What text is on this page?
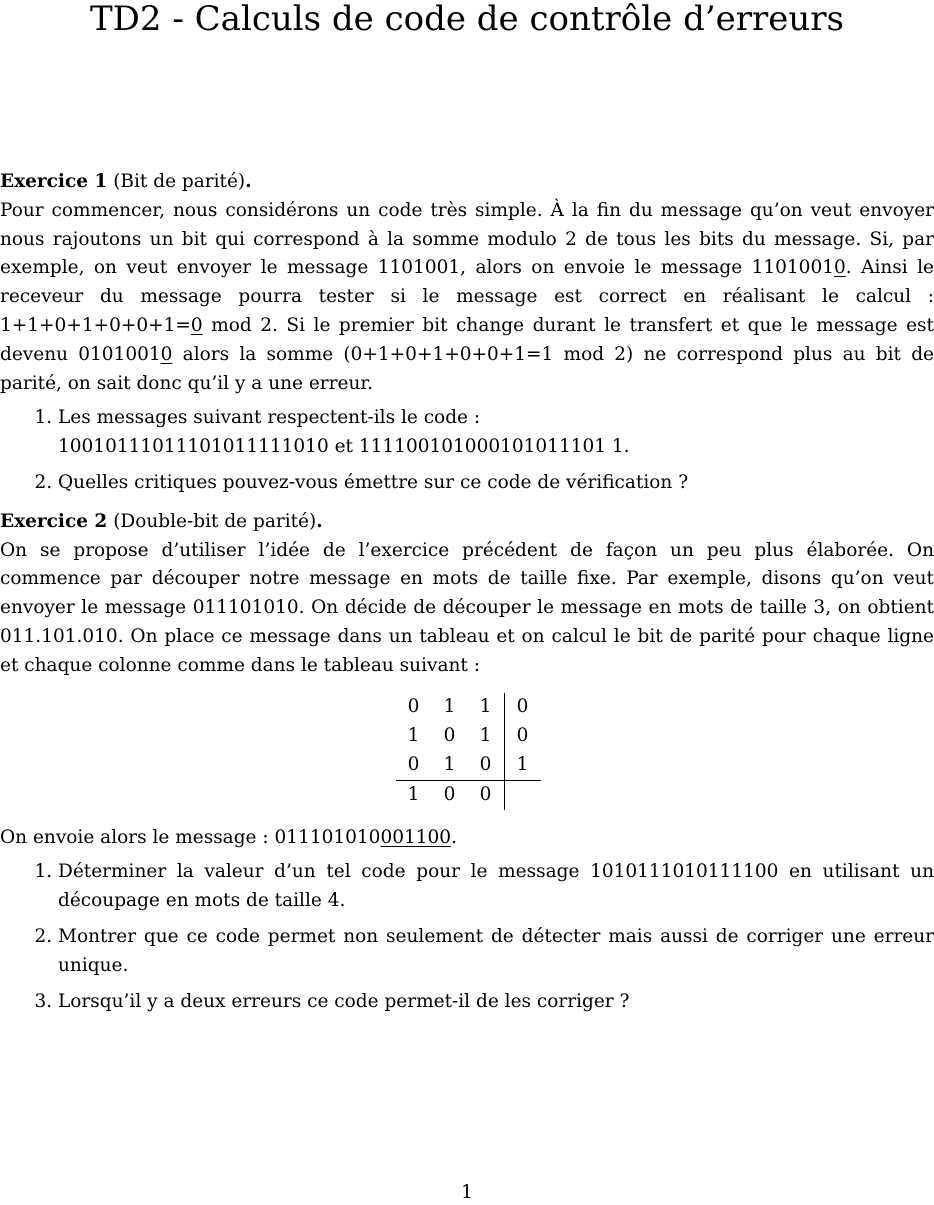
TD2 - Calculs de code de contrôle d’erreurs
Exercice 1 (Bit de parité).

Pour commencer, nous considérons un code très simple. À la fin du message qu’on veut envoyer nous rajoutons un bit qui correspond à la somme modulo 2 de tous les bits du message. Si, par exemple, on veut envoyer le message 1101001, alors on envoie le message 11010010. Ainsi le receveur du message pourra tester si le message est correct en réalisant le calcul : 1+1+0+1+0+0+1=0 mod 2. Si le premier bit change durant le transfert et que le message est devenu 01010010 alors la somme (0+1+0+1+0+0+1=1 mod 2) ne correspond plus au bit de parité, on sait donc qu’il y a une erreur.

1. Les messages suivant respectent-ils le code :
10010111011101011111010 et 111100101000101011101 1.
2. Quelles critiques pouvez-vous émettre sur ce code de vérification ?
Exercice 2 (Double-bit de parité).

On se propose d’utiliser l’idée de l’exercice précédent de façon un peu plus élaborée. On commence par découper notre message en mots de taille fixe. Par exemple, disons qu’on veut envoyer le message 011101010. On décide de découper le message en mots de taille 3, on obtient 011.101.010. On place ce message dans un tableau et on calcul le bit de parité pour chaque ligne et chaque colonne comme dans le tableau suivant :

0	1	1	0
1	0	1	0
0	1	0	1
1	0	0	

On envoie alors le message : 011101010001100.

1. Déterminer la valeur d’un tel code pour le message 1010111010111100 en utilisant un découpage en mots de taille 4.
2. Montrer que ce code permet non seulement de détecter mais aussi de corriger une erreur unique.
3. Lorsqu’il y a deux erreurs ce code permet-il de les corriger ?
1
